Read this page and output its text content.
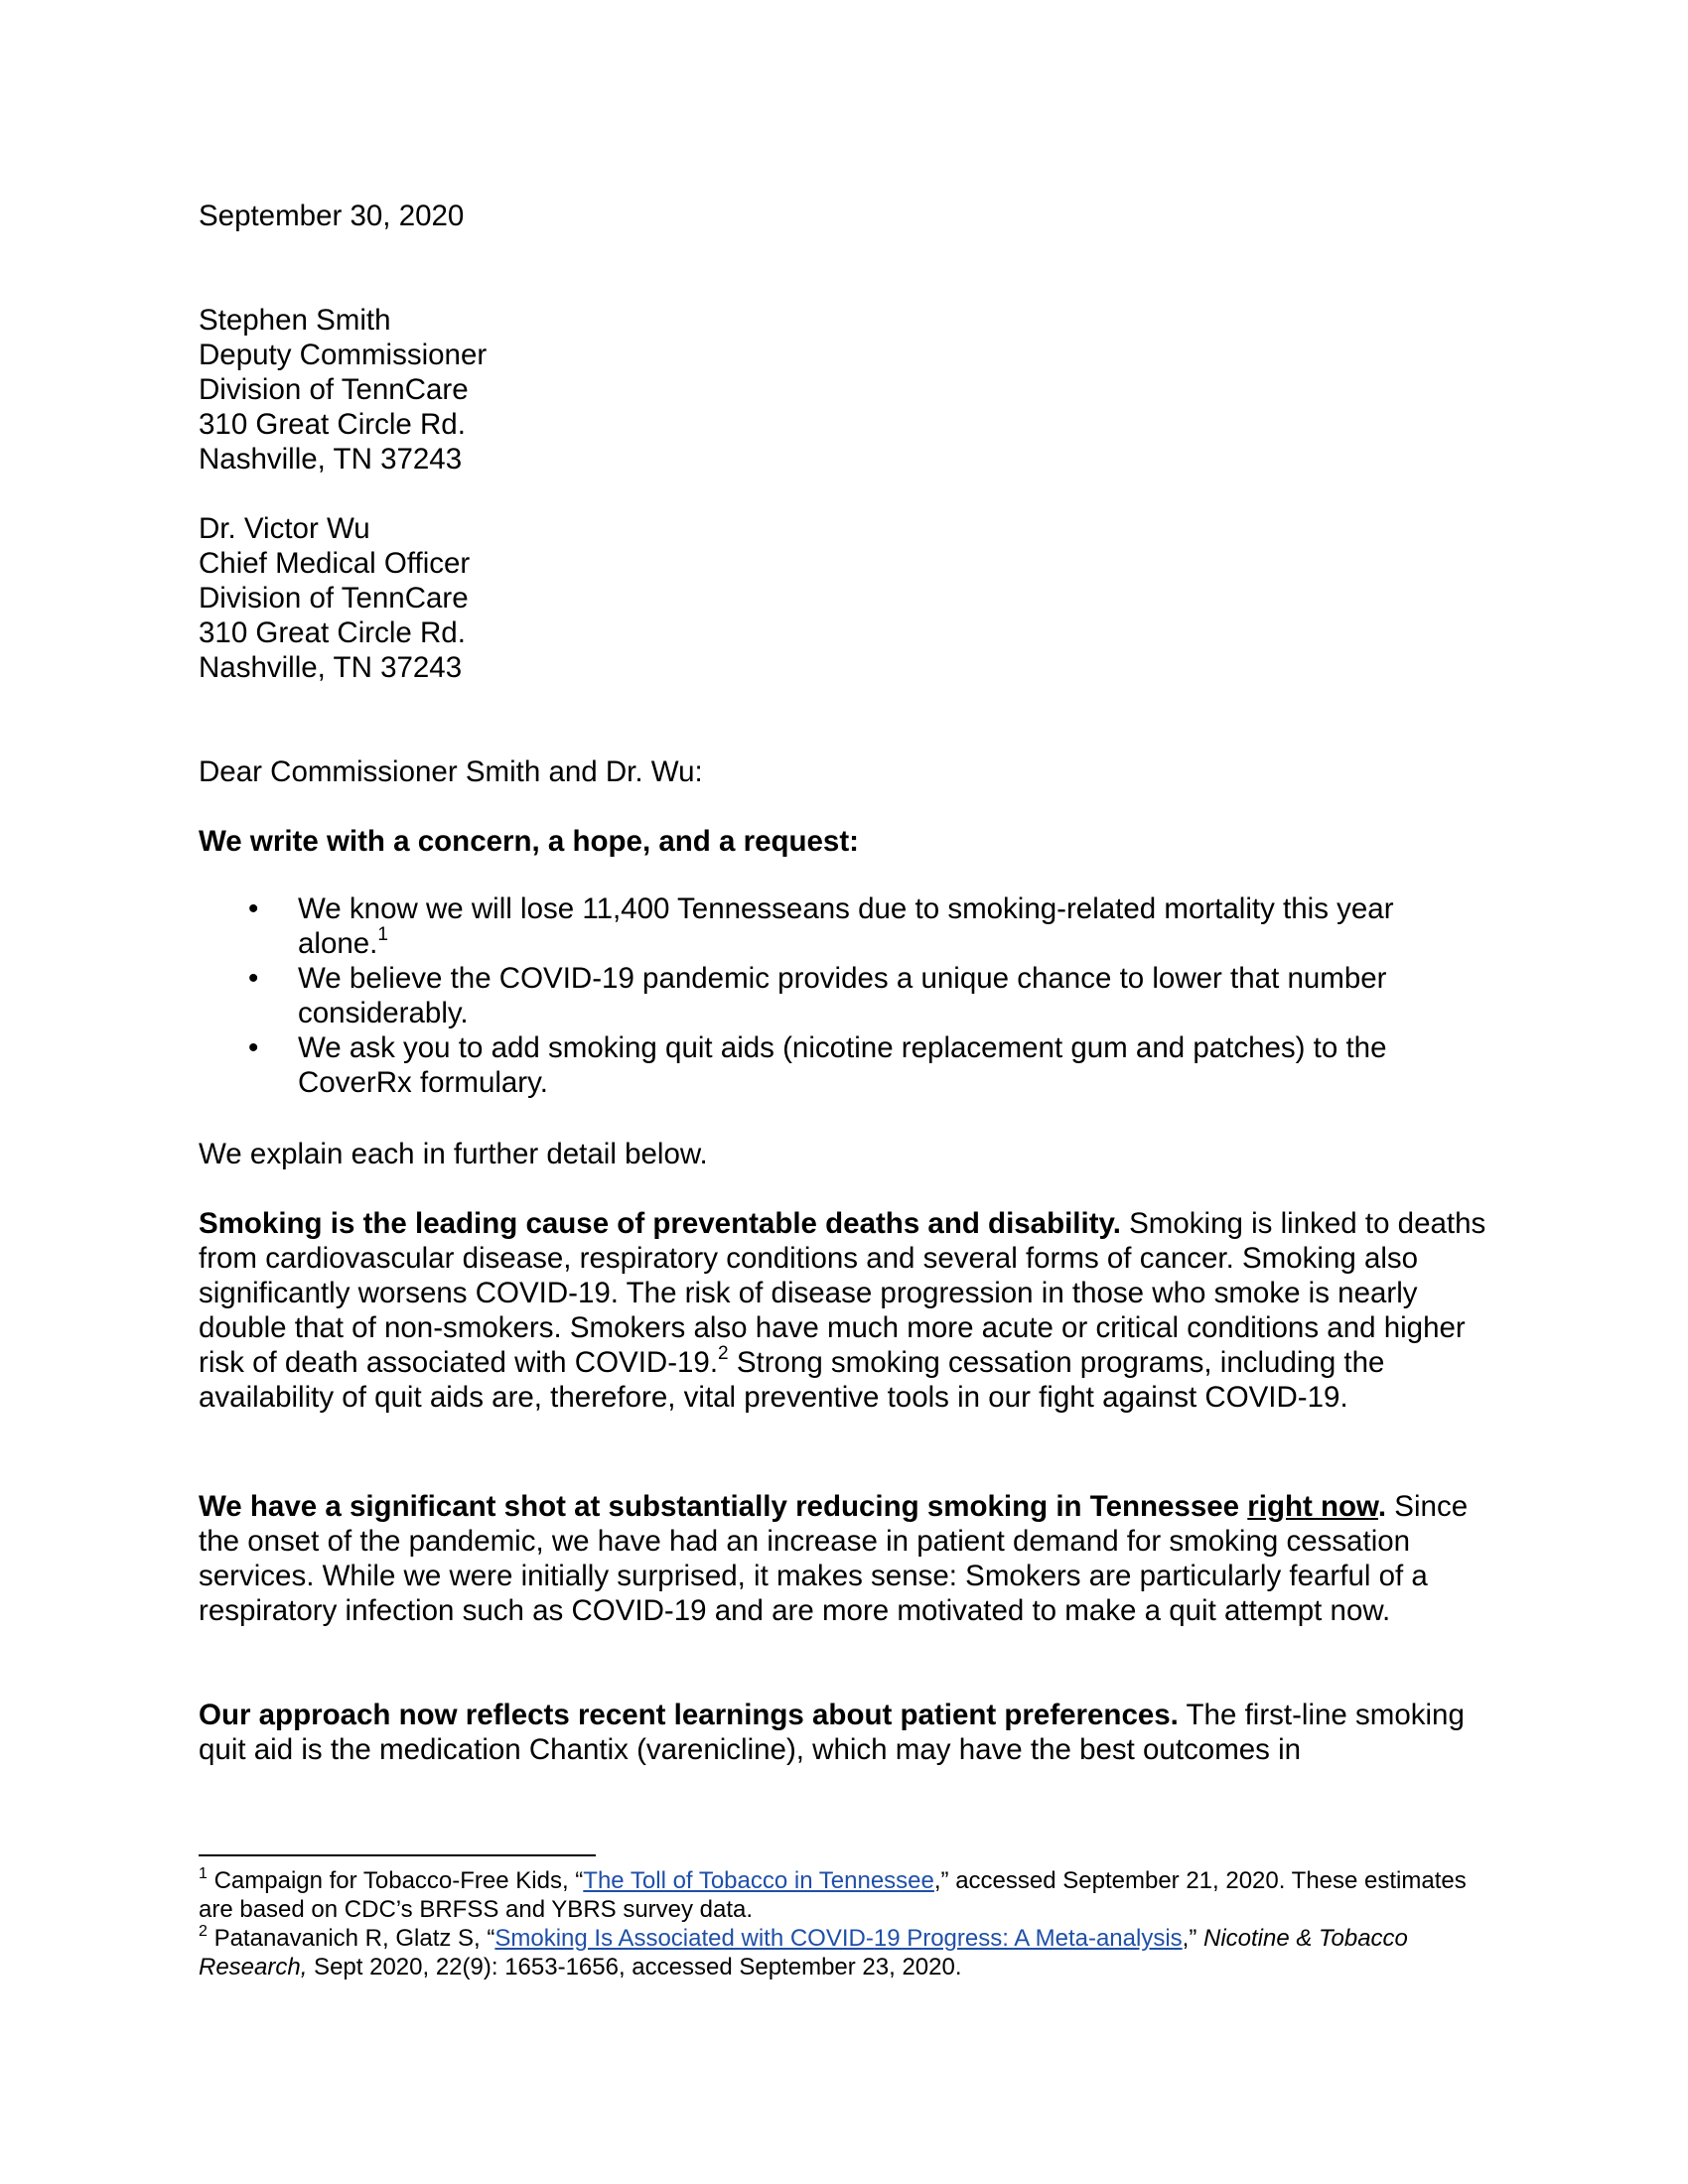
September 30, 2020

Stephen Smith

Deputy Commissioner

Division of TennCare

310 Great Circle Rd.

Nashville, TN 37243

Dr. Victor Wu

Chief Medical Officer

Division of TennCare

310 Great Circle Rd.

Nashville, TN 37243

Dear Commissioner Smith and Dr. Wu:

We write with a concern, a hope, and a request:

• We know we will lose 11,400 Tennesseans due to smoking-related mortality this year alone.$^1$
• We believe the COVID-19 pandemic provides a unique chance to lower that number considerably.
• We ask you to add smoking quit aids (nicotine replacement gum and patches) to the CoverRx formulary.

We explain each in further detail below.

Smoking is the leading cause of preventable deaths and disability. Smoking is linked to deaths from cardiovascular disease, respiratory conditions and several forms of cancer. Smoking also significantly worsens COVID-19. The risk of disease progression in those who smoke is nearly double that of non-smokers. Smokers also have much more acute or critical conditions and higher risk of death associated with COVID-19.$^2$ Strong smoking cessation programs, including the availability of quit aids are, therefore, vital preventive tools in our fight against COVID-19.

We have a significant shot at substantially reducing smoking in Tennessee right now. Since the onset of the pandemic, we have had an increase in patient demand for smoking cessation services. While we were initially surprised, it makes sense: Smokers are particularly fearful of a respiratory infection such as COVID-19 and are more motivated to make a quit attempt now.

Our approach now reflects recent learnings about patient preferences. The first-line smoking quit aid is the medication Chantix (varenicline), which may have the best outcomes in

$^1$ Campaign for Tobacco-Free Kids, “The Toll of Tobacco in Tennessee,” accessed September 21, 2020. These estimates are based on CDC’s BRFSS and YBRS survey data.

$^2$ Patanavanich R, Glatz S, “Smoking Is Associated with COVID-19 Progress: A Meta-analysis,” Nicotine & Tobacco Research, Sept 2020, 22(9): 1653-1656, accessed September 23, 2020.
